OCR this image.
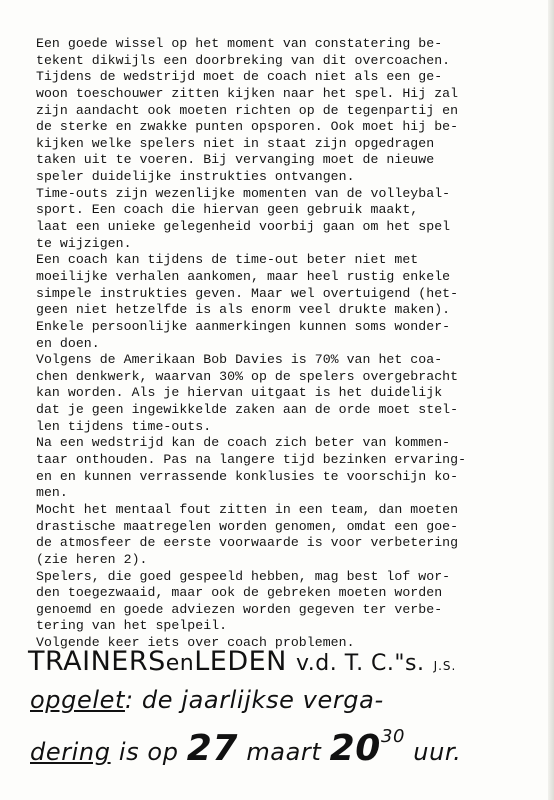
Een goede wissel op het moment van constatering be-
tekent dikwijls een doorbreking van dit overcoachen.
Tijdens de wedstrijd moet de coach niet als een ge-
woon toeschouwer zitten kijken naar het spel. Hij zal
zijn aandacht ook moeten richten op de tegenpartij en
de sterke en zwakke punten opsporen. Ook moet hij be-
kijken welke spelers niet in staat zijn opgedragen
taken uit te voeren. Bij vervanging moet de nieuwe
speler duidelijke instrukties ontvangen.
Time-outs zijn wezenlijke momenten van de volleybal-
sport. Een coach die hiervan geen gebruik maakt,
laat een unieke gelegenheid voorbij gaan om het spel
te wijzigen.
Een coach kan tijdens de time-out beter niet met
moeilijke verhalen aankomen, maar heel rustig enkele
simpele instrukties geven. Maar wel overtuigend (het-
geen niet hetzelfde is als enorm veel drukte maken).
Enkele persoonlijke aanmerkingen kunnen soms wonder-
en doen.
Volgens de Amerikaan Bob Davies is 70% van het coa-
chen denkwerk, waarvan 30% op de spelers overgebracht
kan worden. Als je hiervan uitgaat is het duidelijk
dat je geen ingewikkelde zaken aan de orde moet stel-
len tijdens time-outs.
Na een wedstrijd kan de coach zich beter van kommen-
taar onthouden. Pas na langere tijd bezinken ervaring-
en en kunnen verrassende konklusies te voorschijn ko-
men.
Mocht het mentaal fout zitten in een team, dan moeten
drastische maatregelen worden genomen, omdat een goe-
de atmosfeer de eerste voorwaarde is voor verbetering
(zie heren 2).
Spelers, die goed gespeeld hebben, mag best lof wor-
den toegezwaaid, maar ook de gebreken moeten worden
genoemd en goede adviezen worden gegeven ter verbe-
tering van het spelpeil.
Volgende keer iets over coach problemen.
TRAINERSenLEDEN v.d. T. C."s. J.S.
opgelet: de jaarlijkse verga-
dering is op 27 maart $20^{30}$ uur.
